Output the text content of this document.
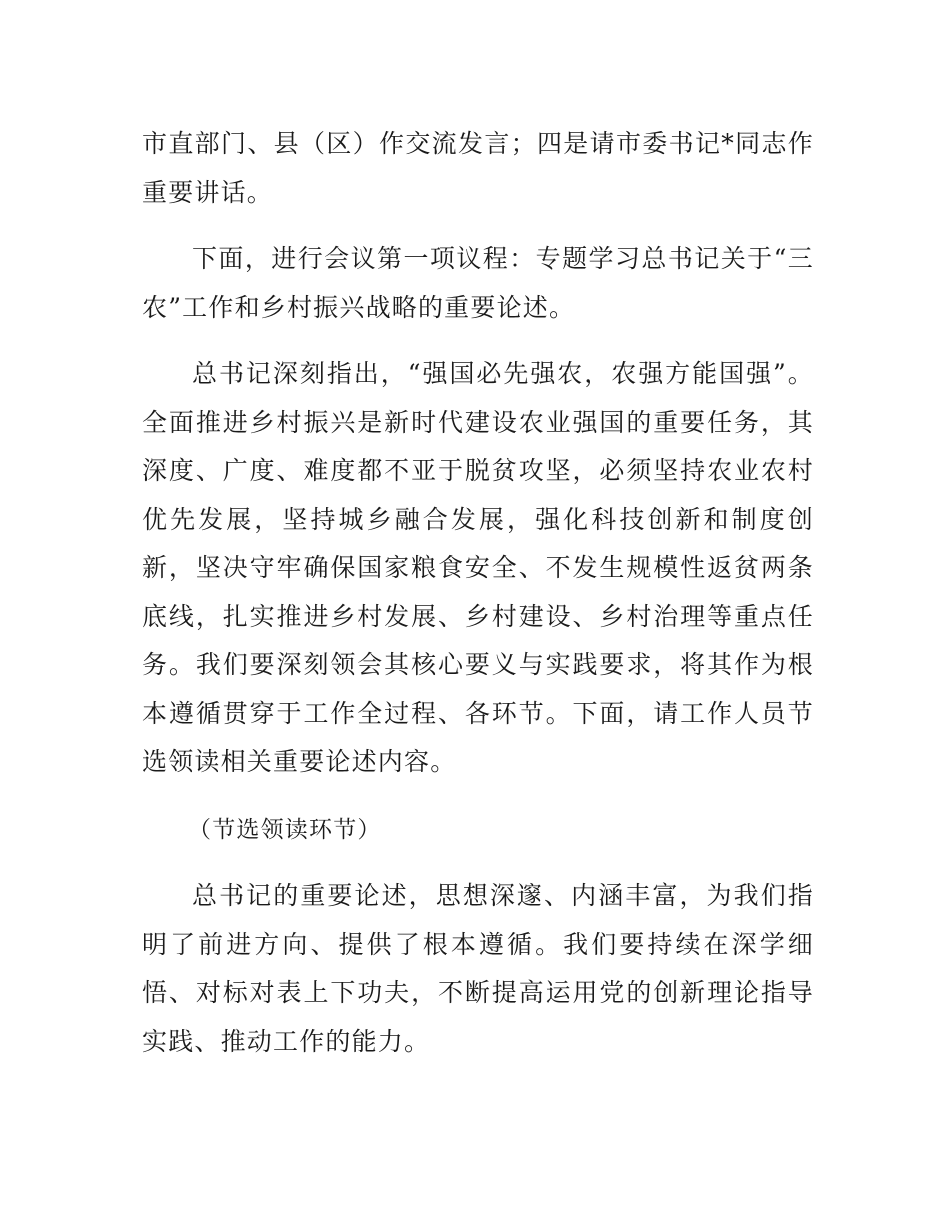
市直部门、县（区）作交流发言；四是请市委书记*同志作重要讲话。

下面，进行会议第一项议程：专题学习总书记关于“三农”工作和乡村振兴战略的重要论述。

总书记深刻指出，“强国必先强农，农强方能国强”。全面推进乡村振兴是新时代建设农业强国的重要任务，其深度、广度、难度都不亚于脱贫攻坚，必须坚持农业农村优先发展，坚持城乡融合发展，强化科技创新和制度创新，坚决守牢确保国家粮食安全、不发生规模性返贫两条底线，扎实推进乡村发展、乡村建设、乡村治理等重点任务。我们要深刻领会其核心要义与实践要求，将其作为根本遵循贯穿于工作全过程、各环节。下面，请工作人员节选领读相关重要论述内容。

（节选领读环节）

总书记的重要论述，思想深邃、内涵丰富，为我们指明了前进方向、提供了根本遵循。我们要持续在深学细悟、对标对表上下功夫，不断提高运用党的创新理论指导实践、推动工作的能力。
